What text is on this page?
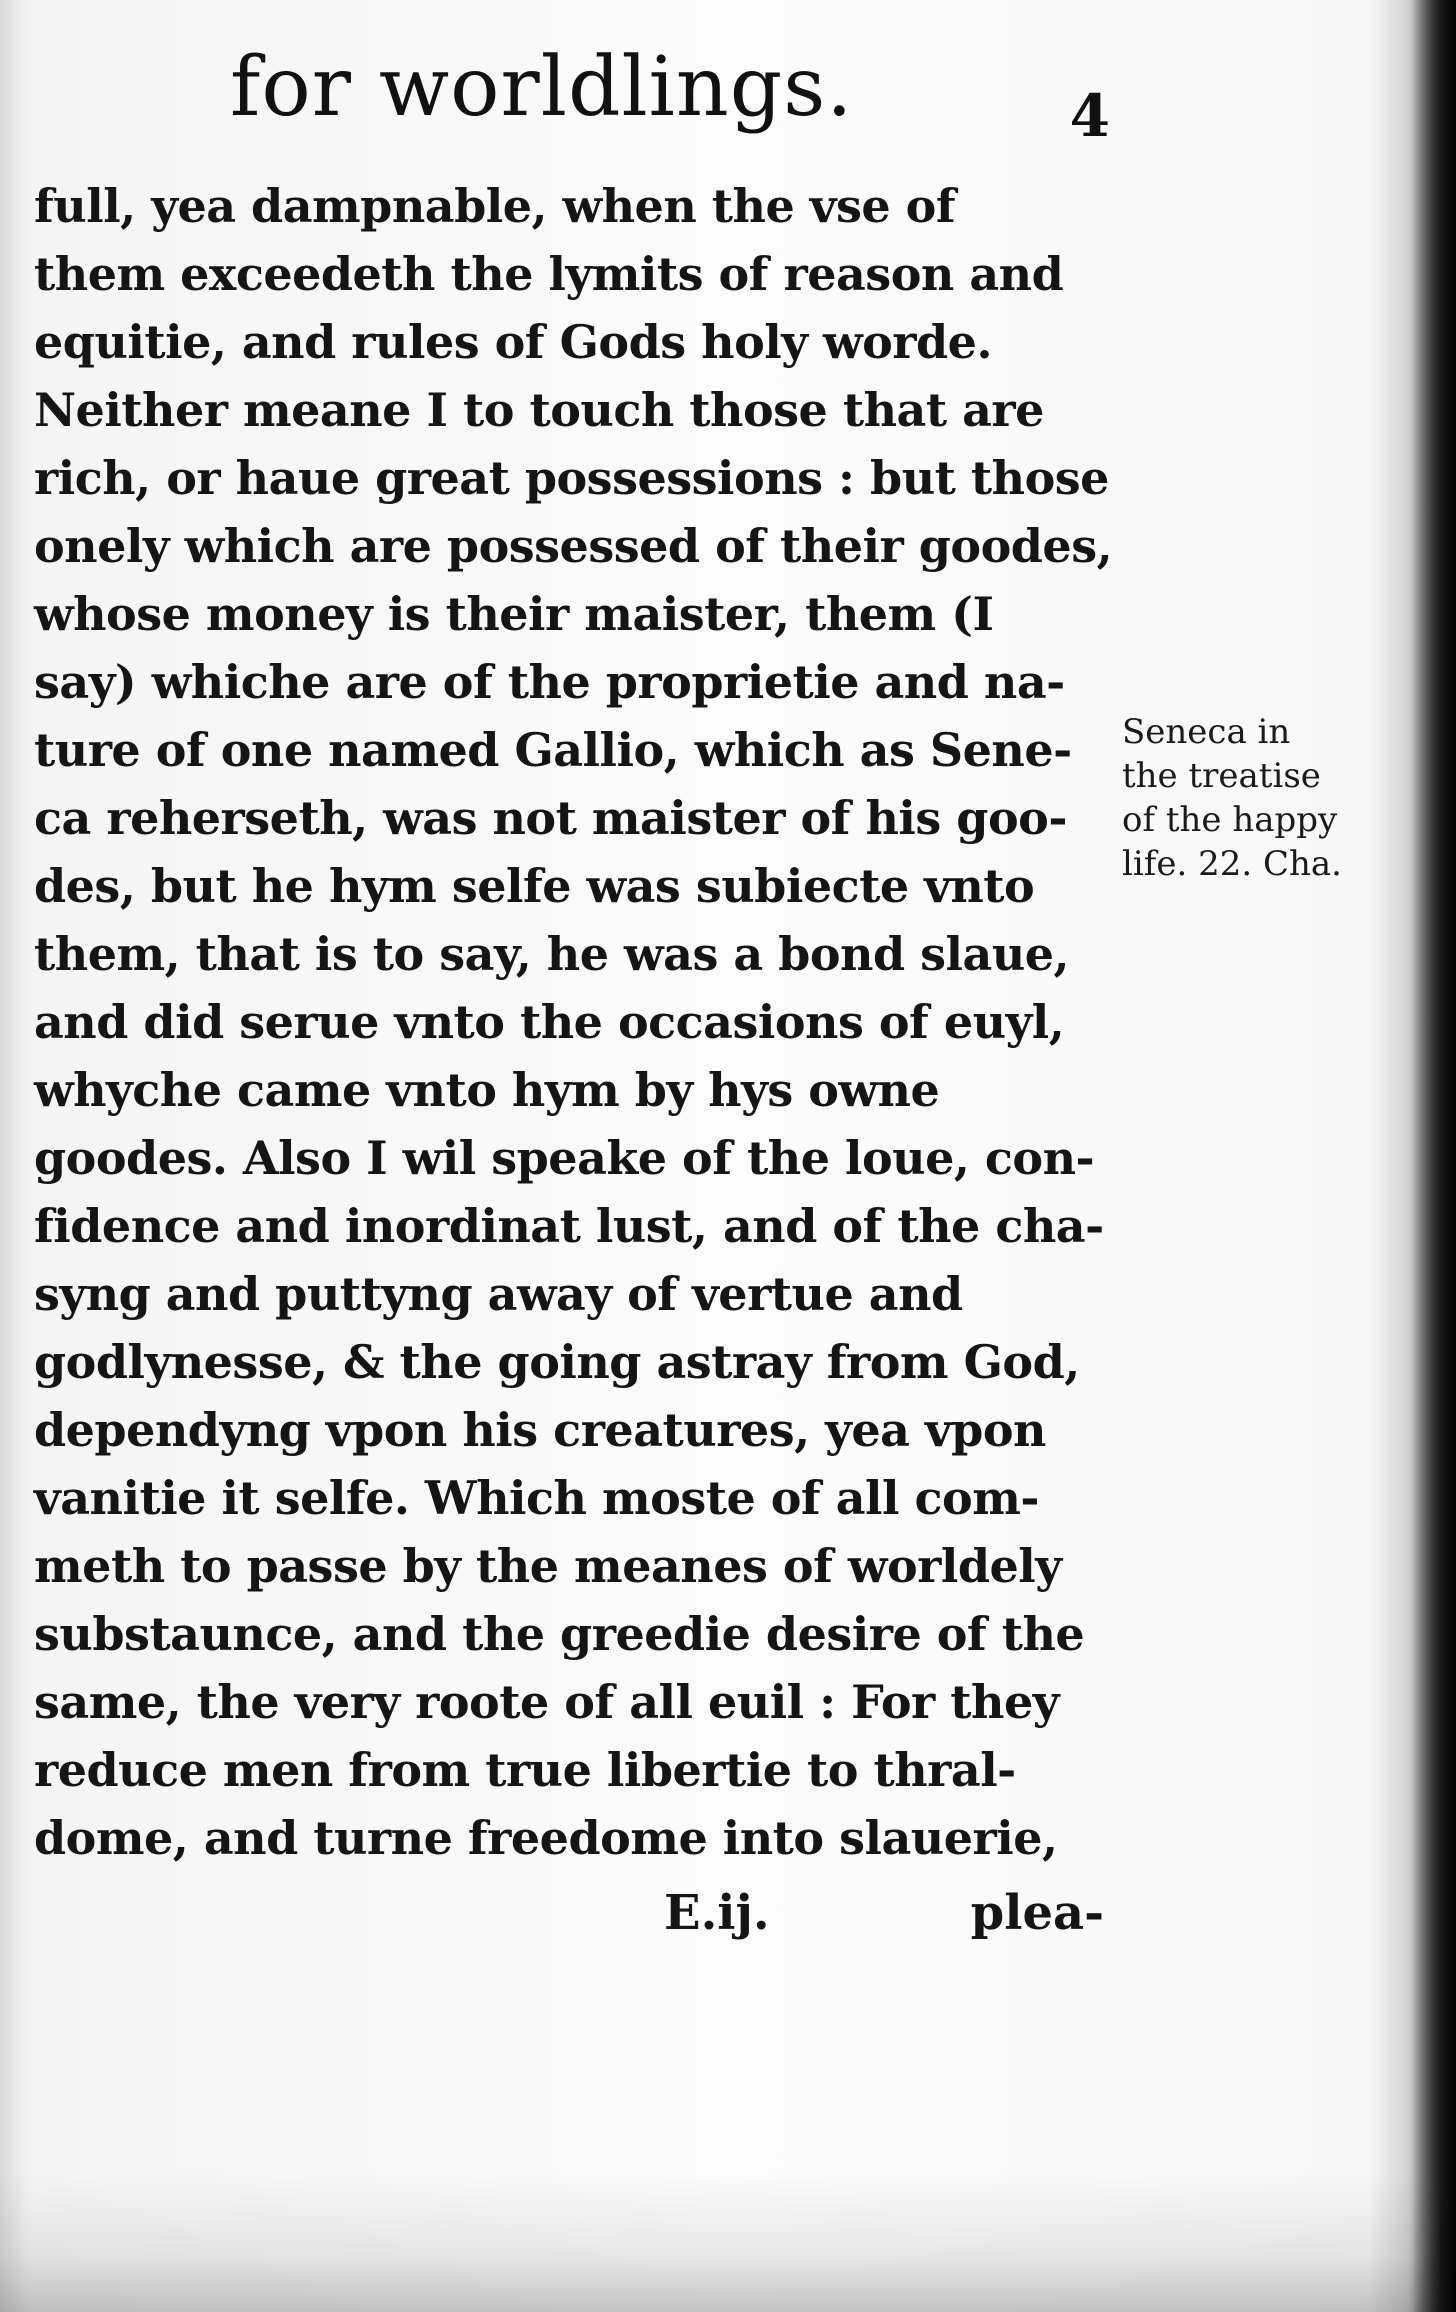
for worldlings.	4
full, yea dampnable, when the vse of
them exceedeth the lymits of reason and
equitie, and rules of Gods holy worde.
Neither meane I to touch those that are
rich, or haue great possessions : but those
onely which are possessed of their goodes,
whose money is their maister, them (I
say) whiche are of the proprietie and na-
ture of one named Gallio, which as Sene-
ca reherseth, was not maister of his goo-
des, but he hym selfe was subiecte vnto
them, that is to say, he was a bond slaue,
and did serue vnto the occasions of euyl,
whyche came vnto hym by hys owne
goodes. Also I wil speake of the loue, con-
fidence and inordinat lust, and of the cha-
syng and puttyng away of vertue and
godlynesse, & the going astray from God,
dependyng vpon his creatures, yea vpon
vanitie it selfe. Which moste of all com-
meth to passe by the meanes of worldely
substaunce, and the greedie desire of the
same, the very roote of all euil : For they
reduce men from true libertie to thral-
dome, and turne freedome into slauerie,
Seneca in
the treatise
of the happy
life. 22. Cha.
E.ij.	plea-
